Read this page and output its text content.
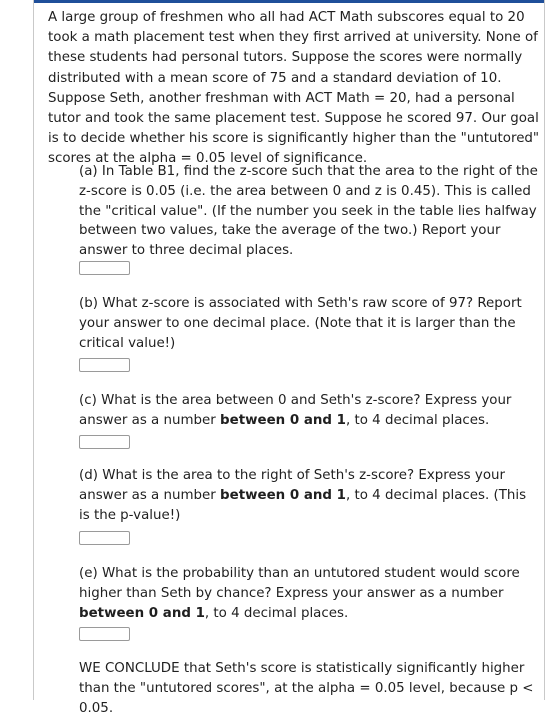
A large group of freshmen who all had ACT Math subscores equal to 20 took a math placement test when they first arrived at university. None of these students had personal tutors. Suppose the scores were normally distributed with a mean score of 75 and a standard deviation of 10. Suppose Seth, another freshman with ACT Math = 20, had a personal tutor and took the same placement test. Suppose he scored 97. Our goal is to decide whether his score is significantly higher than the "untutored" scores at the alpha = 0.05 level of significance.

(a) In Table B1, find the z-score such that the area to the right of the z-score is 0.05 (i.e. the area between 0 and z is 0.45). This is called the "critical value". (If the number you seek in the table lies halfway between two values, take the average of the two.) Report your answer to three decimal places.

(b) What z-score is associated with Seth's raw score of 97? Report your answer to one decimal place. (Note that it is larger than the critical value!)

(c) What is the area between 0 and Seth's z-score? Express your answer as a number between 0 and 1, to 4 decimal places.

(d) What is the area to the right of Seth's z-score? Express your answer as a number between 0 and 1, to 4 decimal places. (This is the p-value!)

(e) What is the probability than an untutored student would score higher than Seth by chance? Express your answer as a number between 0 and 1, to 4 decimal places.

WE CONCLUDE that Seth's score is statistically significantly higher than the "untutored scores", at the alpha = 0.05 level, because p < 0.05.
